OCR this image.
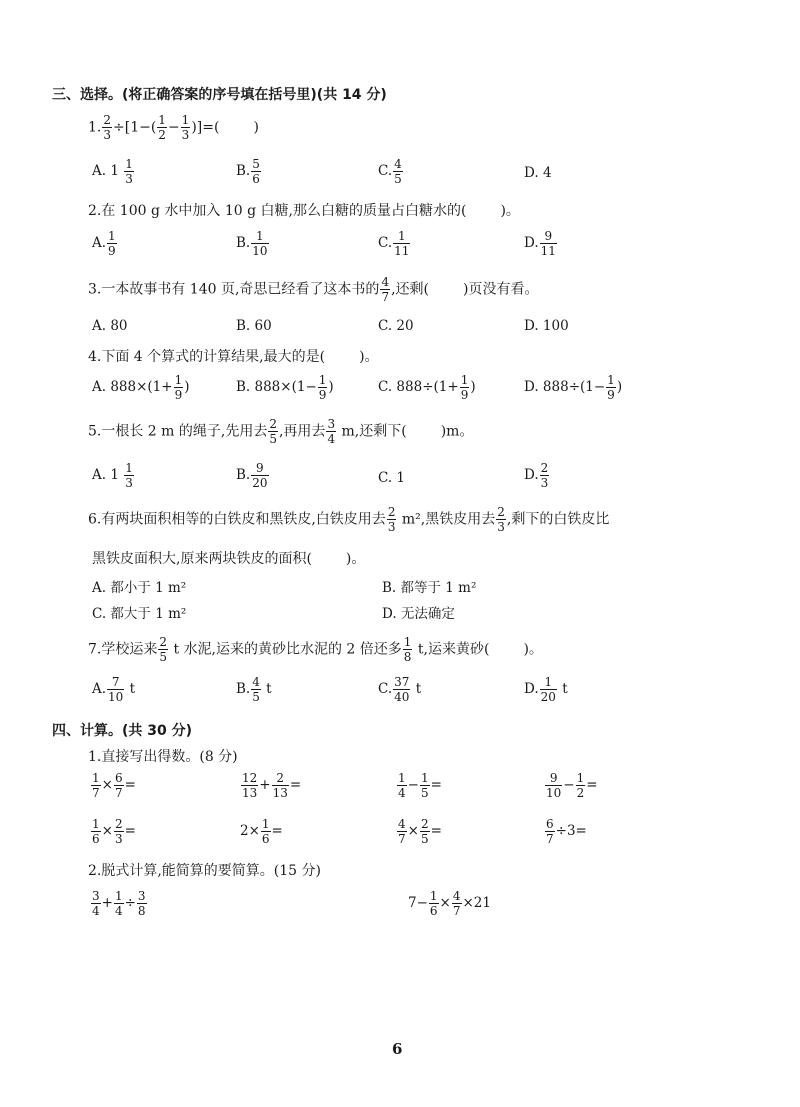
三、选择。(将正确答案的序号填在括号里)(共 14 分)
1. $\frac{2}{3} \div[1-( \frac{1}{2} - \frac{1}{3}$ )]=( )
A. $1 \frac{1}{3}$	B. $\frac{5}{6}$	C. $\frac{4}{5}$	D. 4
2.在 100 g 水中加入 10 g 白糖,那么白糖的质量占白糖水的( )。
A. $\frac{1}{9}$	B. $\frac{1}{10}$	C. $\frac{1}{11}$	D. $\frac{9}{11}$
3.一本故事书有 140 页,奇思已经看了这本书的 $\frac{4}{7}$ ,还剩( )页没有看。
A. 80	B. 60	C. 20	D. 100
4.下面 4 个算式的计算结果,最大的是( )。
A. $888\times(1+ \frac{1}{9}$ )	B. $888\times(1- \frac{1}{9}$ )	C. $888\div(1+ \frac{1}{9}$ )	D. $888\div(1- \frac{1}{9}$ )
5.一根长 2 m 的绳子,先用去 $\frac{2}{5}$ ,再用去 $\frac{3}{4} m$,还剩下( )m。
A. $1 \frac{1}{3}$	B. $\frac{9}{20}$	C. 1	D. $\frac{2}{3}$
6.有两块面积相等的白铁皮和黑铁皮,白铁皮用去 $\frac{2}{3} m^2$,黑铁皮用去 $\frac{2}{3}$ ,剩下的白铁皮比
黑铁皮面积大,原来两块铁皮的面积( )。
A. 都小于 1 m²	B. 都等于 1 m²
C. 都大于 1 m²	D. 无法确定
7.学校运来 $\frac{2}{5}$ t 水泥,运来的黄砂比水泥的 2 倍还多 $\frac{1}{8} t$,运来黄砂( )。
A. $\frac{7}{10}$ t	B. $\frac{4}{5}$ t	C. $\frac{37}{40}$ t	D. $\frac{1}{20}$ t
四、计算。(共 30 分)
1.直接写出得数。(8 分)
$\frac{1}{7} \times \frac{6}{7}$ =	$\frac{12}{13} + \frac{2}{13}$ =	$\frac{1}{4} - \frac{1}{5}$ =	$\frac{9}{10} - \frac{1}{2}$ =
$\frac{1}{6} \times \frac{2}{3}$ =	$2\times \frac{1}{6}$ =	$\frac{4}{7} \times \frac{2}{5}$ =	$\frac{6}{7} \div 3=$
2.脱式计算,能简算的要简算。(15 分)
$\frac{3}{4} + \frac{1}{4} \div \frac{3}{8}$	$7- \frac{1}{6} \times \frac{4}{7} \times 21$
6
